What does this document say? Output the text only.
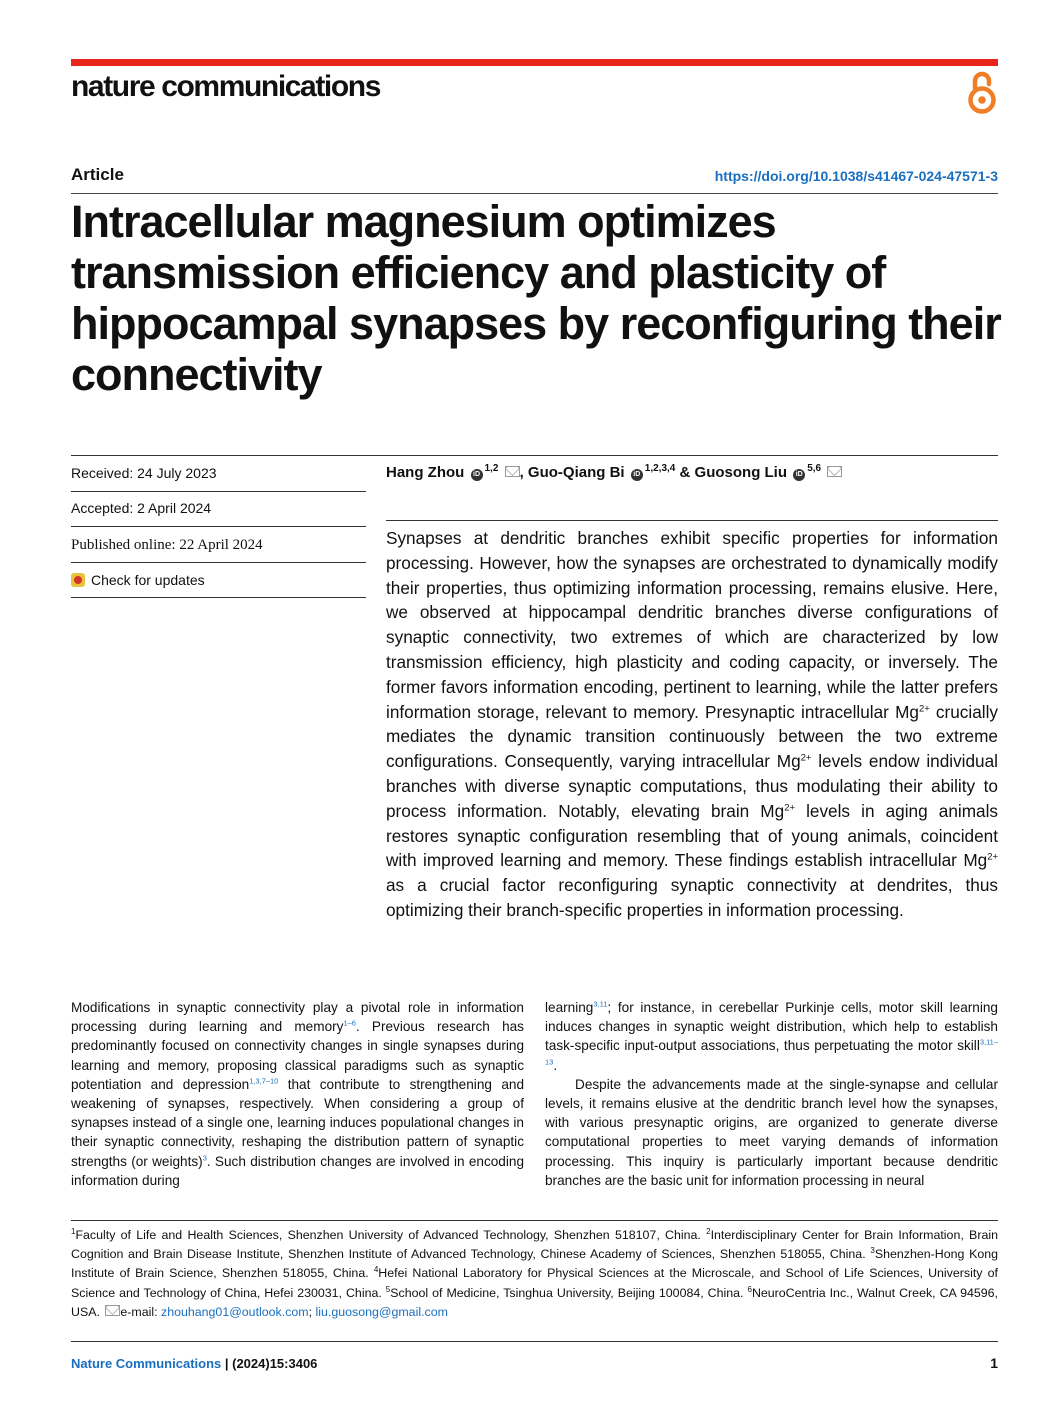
nature communications
Article	https://doi.org/10.1038/s41467-024-47571-3
Intracellular magnesium optimizes transmission efficiency and plasticity of hippocampal synapses by reconfiguring their connectivity
Received: 24 July 2023
Accepted: 2 April 2024
Published online: 22 April 2024
Check for updates
Hang Zhou iD$^{1,2}$ , Guo-Qiang Bi iD$^{1,2,3,4}$ & Guosong Liu iD$^{5,6}$

Synapses at dendritic branches exhibit specific properties for information processing. However, how the synapses are orchestrated to dynamically modify their properties, thus optimizing information processing, remains elusive. Here, we observed at hippocampal dendritic branches diverse configurations of synaptic connectivity, two extremes of which are characterized by low transmission efficiency, high plasticity and coding capacity, or inversely. The former favors information encoding, pertinent to learning, while the latter prefers information storage, relevant to memory. Presynaptic intracellular $Mg^{2+}$ crucially mediates the dynamic transition continuously between the two extreme configurations. Consequently, varying intracellular $Mg^{2+}$ levels endow individual branches with diverse synaptic computations, thus modulating their ability to process information. Notably, elevating brain $Mg^{2+}$ levels in aging animals restores synaptic configuration resembling that of young animals, coincident with improved learning and memory. These findings establish intracellular $Mg^{2+}$ as a crucial factor reconfiguring synaptic connectivity at dendrites, thus optimizing their branch-specific properties in information processing.

Modifications in synaptic connectivity play a pivotal role in information processing during learning and memory$^{1-6}$. Previous research has predominantly focused on connectivity changes in single synapses during learning and memory, proposing classical paradigms such as synaptic potentiation and depression$^{1,3,7-10}$ that contribute to strengthening and weakening of synapses, respectively. When considering a group of synapses instead of a single one, learning induces populational changes in their synaptic connectivity, reshaping the distribution pattern of synaptic strengths (or weights)$^3$. Such distribution changes are involved in encoding information during

learning$^{3,11}$; for instance, in cerebellar Purkinje cells, motor skill learning induces changes in synaptic weight distribution, which help to establish task-specific input-output associations, thus perpetuating the motor skill$^{3,11-13}$.

Despite the advancements made at the single-synapse and cellular levels, it remains elusive at the dendritic branch level how the synapses, with various presynaptic origins, are organized to generate diverse computational properties to meet varying demands of information processing. This inquiry is particularly important because dendritic branches are the basic unit for information processing in neural

$^1$Faculty of Life and Health Sciences, Shenzhen University of Advanced Technology, Shenzhen 518107, China. $^2$Interdisciplinary Center for Brain Information, Brain Cognition and Brain Disease Institute, Shenzhen Institute of Advanced Technology, Chinese Academy of Sciences, Shenzhen 518055, China. $^3$Shenzhen-Hong Kong Institute of Brain Science, Shenzhen 518055, China. $^4$Hefei National Laboratory for Physical Sciences at the Microscale, and School of Life Sciences, University of Science and Technology of China, Hefei 230031, China. $^5$School of Medicine, Tsinghua University, Beijing 100084, China. $^6$NeuroCentria Inc., Walnut Creek, CA 94596, USA. e-mail: zhouhang01@outlook.com; liu.guosong@gmail.com

Nature Communications | (2024)15:3406	1
